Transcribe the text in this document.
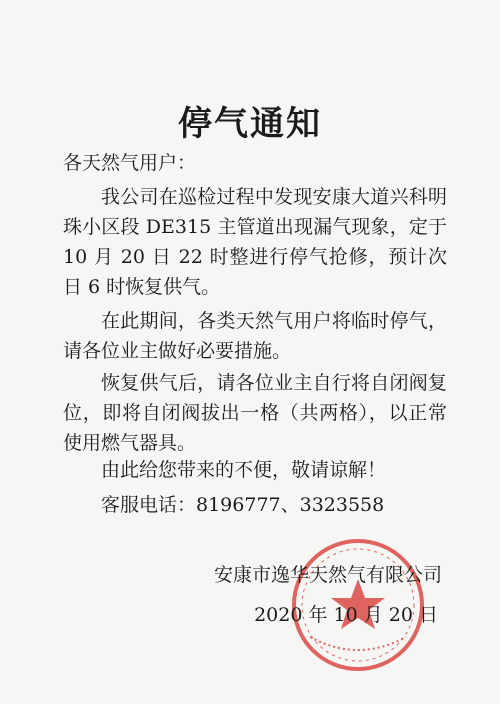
停气通知
各天然气用户：

我公司在巡检过程中发现安康大道兴科明珠小区段 DE315 主管道出现漏气现象，定于 10 月 20 日 22 时整进行停气抢修，预计次日 6 时恢复供气。

在此期间，各类天然气用户将临时停气，请各位业主做好必要措施。

恢复供气后，请各位业主自行将自闭阀复位，即将自闭阀拔出一格（共两格），以正常使用燃气器具。

由此给您带来的不便，敬请谅解！

客服电话：8196777、3323558

安康市逸华天然气有限公司
2020 年 10 月 20 日
